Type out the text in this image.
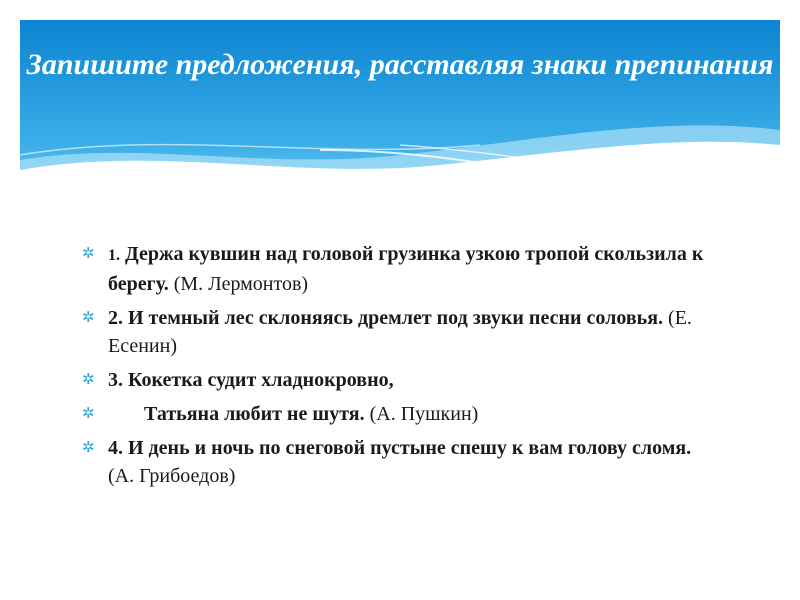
Запишите предложения, расставляя знаки препинания
✲ 1. Держа кувшин над головой грузинка узкою тропой скользила к берегу. (М. Лермонтов)
✲ 2. И темный лес склоняясь дремлет под звуки песни соловья. (Е. Есенин)
✲ 3. Кокетка судит хладнокровно,
✲ Татьяна любит не шутя. (А. Пушкин)
✲ 4. И день и ночь по снеговой пустыне спешу к вам голову сломя. (А. Грибоедов)
